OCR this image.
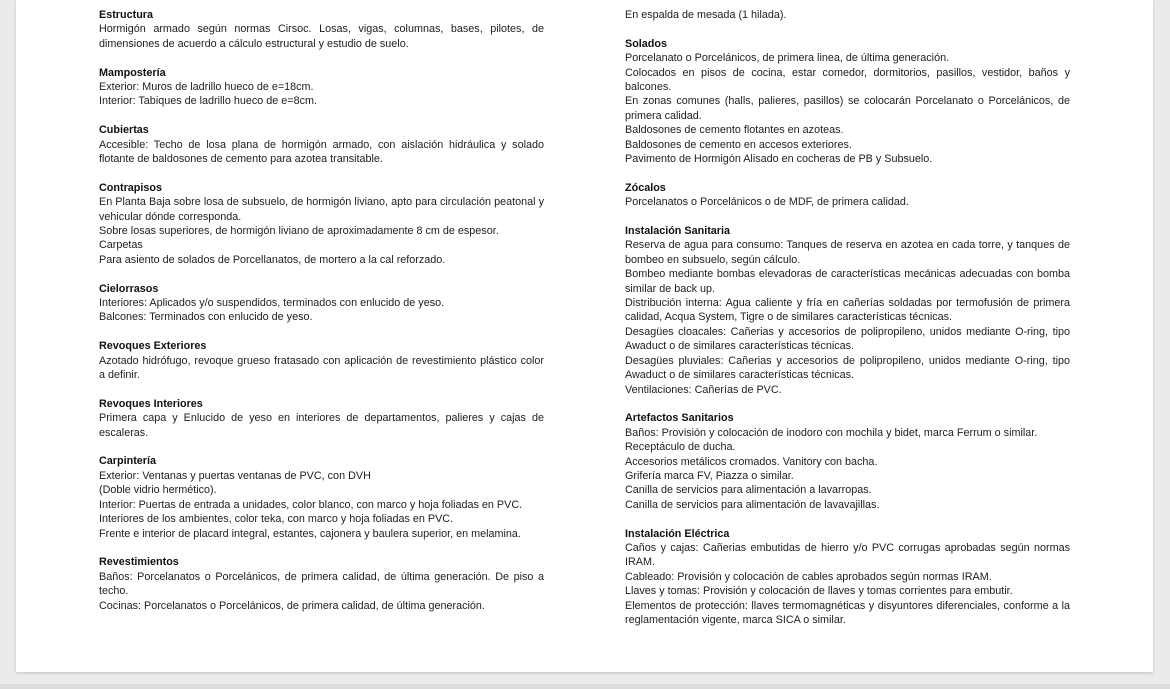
Estructura
Hormigón armado según normas Cirsoc. Losas, vigas, columnas, bases, pilotes, de dimensiones de acuerdo a cálculo estructural y estudio de suelo.
Mampostería
Exterior: Muros de ladrillo hueco de e=18cm.
Interior: Tabiques de ladrillo hueco de e=8cm.
Cubiertas
Accesible: Techo de losa plana de hormigón armado, con aislación hidráulica y solado flotante de baldosones de cemento para azotea transitable.
Contrapisos
En Planta Baja sobre losa de subsuelo, de hormigón liviano, apto para circulación peatonal y vehicular dónde corresponda.
Sobre losas superiores, de hormigón liviano de aproximadamente 8 cm de espesor.
Carpetas
Para asiento de solados de Porcellanatos, de mortero a la cal reforzado.
Cielorrasos
Interiores: Aplicados y/o suspendidos, terminados con enlucido de yeso.
Balcones: Terminados con enlucido de yeso.
Revoques Exteriores
Azotado hidrófugo, revoque grueso fratasado con aplicación de revestimiento plástico color a definir.
Revoques Interiores
Primera capa y Enlucido de yeso en interiores de departamentos, palieres y cajas de escaleras.
Carpintería
Exterior: Ventanas y puertas ventanas de PVC, con DVH
(Doble vidrio hermético).
Interior: Puertas de entrada a unidades, color blanco, con marco y hoja foliadas en PVC.
Interiores de los ambientes, color teka, con marco y hoja foliadas en PVC.
Frente e interior de placard integral, estantes, cajonera y baulera superior, en melamina.
Revestimientos
Baños: Porcelanatos o Porcelánicos, de primera calidad, de última generación. De piso a techo.
Cocinas: Porcelanatos o Porcelánicos, de primera calidad, de última generación.
En espalda de mesada (1 hilada).
Solados
Porcelanato o Porcelánicos, de primera linea, de última generación.
Colocados en pisos de cocina, estar comedor, dormitorios, pasillos, vestidor, baños y balcones.
En zonas comunes (halls, palieres, pasillos) se colocarán Porcelanato o Porcelánicos, de primera calidad.
Baldosones de cemento flotantes en azoteas.
Baldosones de cemento en accesos exteriores.
Pavimento de Hormigón Alisado en cocheras de PB y Subsuelo.
Zócalos
Porcelanatos o Porcelánicos o de MDF, de primera calidad.
Instalación Sanitaria
Reserva de agua para consumo: Tanques de reserva en azotea en cada torre, y tanques de bombeo en subsuelo, según cálculo.
Bombeo mediante bombas elevadoras de características mecánicas adecuadas con bomba similar de back up.
Distribución interna: Agua caliente y fría en cañerías soldadas por termofusión de primera calidad, Acqua System, Tigre o de similares características técnicas.
Desagües cloacales: Cañerias y accesorios de polipropileno, unidos mediante O-ring, tipo Awaduct o de similares características técnicas.
Desagües pluviales: Cañerias y accesorios de polipropileno, unidos mediante O-ring, tipo Awaduct o de similares características técnicas.
Ventilaciones: Cañerías de PVC.
Artefactos Sanitarios
Baños: Provisión y colocación de inodoro con mochila y bidet, marca Ferrum o similar.
Receptáculo de ducha.
Accesorios metálicos cromados. Vanitory con bacha.
Grifería marca FV, Piazza o similar.
Canilla de servicios para alimentación a lavarropas.
Canilla de servicios para alimentación de lavavajillas.
Instalación Eléctrica
Caños y cajas: Cañerias embutidas de hierro y/o PVC corrugas aprobadas según normas IRAM.
Cableado: Provisión y colocación de cables aprobados según normas IRAM.
Llaves y tomas: Provisión y colocación de llaves y tomas corrientes para embutir.
Elementos de protección: llaves termomagnéticas y disyuntores diferenciales, conforme a la reglamentación vigente, marca SICA o similar.
